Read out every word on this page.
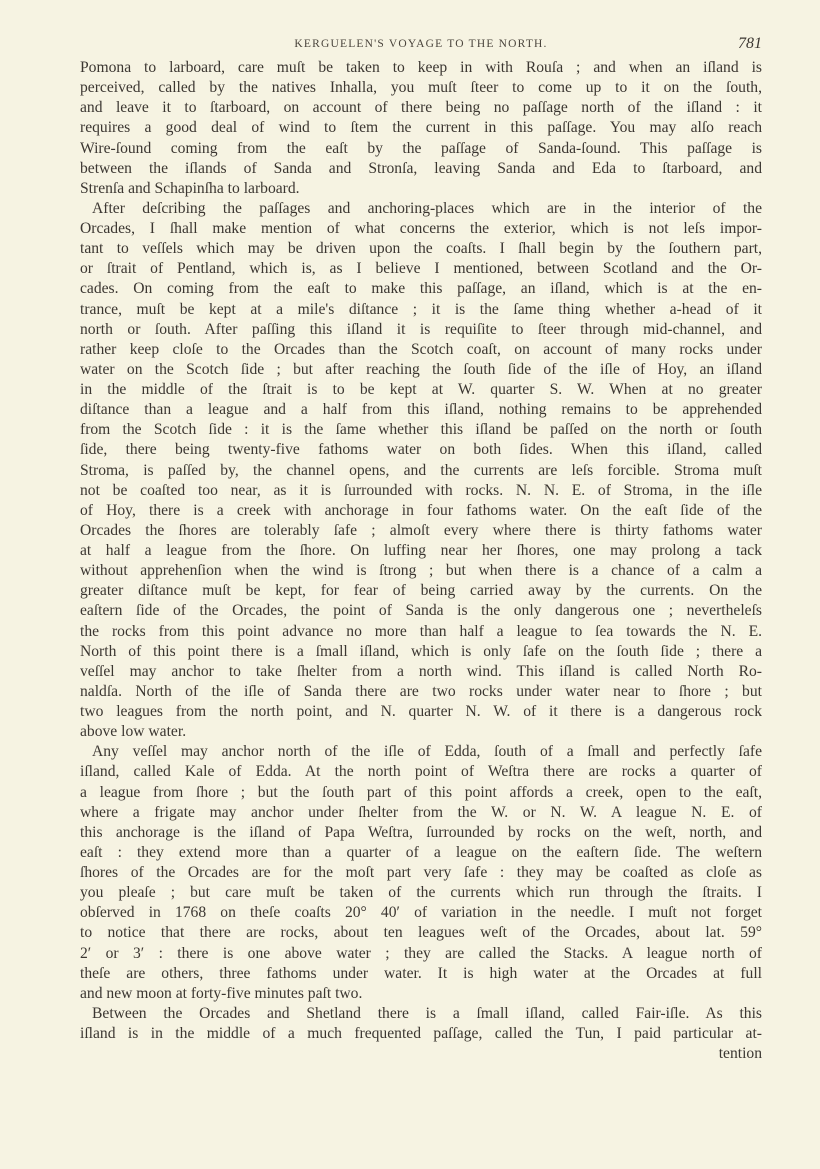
KERGUELEN'S VOYAGE TO THE NORTH.	781
Pomona to larboard, care muſt be taken to keep in with Rouſa ; and when an iſland is
perceived, called by the natives Inhalla, you muſt ſteer to come up to it on the ſouth,
and leave it to ſtarboard, on account of there being no paſſage north of the iſland : it
requires a good deal of wind to ſtem the current in this paſſage. You may alſo reach
Wire-ſound coming from the eaſt by the paſſage of Sanda-ſound. This paſſage is
between the iſlands of Sanda and Stronſa, leaving Sanda and Eda to ſtarboard, and
Strenſa and Schapinſha to larboard.
After deſcribing the paſſages and anchoring-places which are in the interior of the
Orcades, I ſhall make mention of what concerns the exterior, which is not leſs impor-
tant to veſſels which may be driven upon the coaſts. I ſhall begin by the ſouthern part,
or ſtrait of Pentland, which is, as I believe I mentioned, between Scotland and the Or-
cades. On coming from the eaſt to make this paſſage, an iſland, which is at the en-
trance, muſt be kept at a mile's diſtance ; it is the ſame thing whether a-head of it
north or ſouth. After paſſing this iſland it is requiſite to ſteer through mid-channel, and
rather keep cloſe to the Orcades than the Scotch coaſt, on account of many rocks under
water on the Scotch ſide ; but after reaching the ſouth ſide of the iſle of Hoy, an iſland
in the middle of the ſtrait is to be kept at W. quarter S. W. When at no greater
diſtance than a league and a half from this iſland, nothing remains to be apprehended
from the Scotch ſide : it is the ſame whether this iſland be paſſed on the north or ſouth
ſide, there being twenty-five fathoms water on both ſides. When this iſland, called
Stroma, is paſſed by, the channel opens, and the currents are leſs forcible. Stroma muſt
not be coaſted too near, as it is ſurrounded with rocks. N. N. E. of Stroma, in the iſle
of Hoy, there is a creek with anchorage in four fathoms water. On the eaſt ſide of the
Orcades the ſhores are tolerably ſafe ; almoſt every where there is thirty fathoms water
at half a league from the ſhore. On luffing near her ſhores, one may prolong a tack
without apprehenſion when the wind is ſtrong ; but when there is a chance of a calm a
greater diſtance muſt be kept, for fear of being carried away by the currents. On the
eaſtern ſide of the Orcades, the point of Sanda is the only dangerous one ; nevertheleſs
the rocks from this point advance no more than half a league to ſea towards the N. E.
North of this point there is a ſmall iſland, which is only ſafe on the ſouth ſide ; there a
veſſel may anchor to take ſhelter from a north wind. This iſland is called North Ro-
naldſa. North of the iſle of Sanda there are two rocks under water near to ſhore ; but
two leagues from the north point, and N. quarter N. W. of it there is a dangerous rock
above low water.
Any veſſel may anchor north of the iſle of Edda, ſouth of a ſmall and perfectly ſafe
iſland, called Kale of Edda. At the north point of Weſtra there are rocks a quarter of
a league from ſhore ; but the ſouth part of this point affords a creek, open to the eaſt,
where a frigate may anchor under ſhelter from the W. or N. W. A league N. E. of
this anchorage is the iſland of Papa Weſtra, ſurrounded by rocks on the weſt, north, and
eaſt : they extend more than a quarter of a league on the eaſtern ſide. The weſtern
ſhores of the Orcades are for the moſt part very ſafe : they may be coaſted as cloſe as
you pleaſe ; but care muſt be taken of the currents which run through the ſtraits. I
obſerved in 1768 on theſe coaſts 20° 40′ of variation in the needle. I muſt not forget
to notice that there are rocks, about ten leagues weſt of the Orcades, about lat. 59°
2′ or 3′ : there is one above water ; they are called the Stacks. A league north of
theſe are others, three fathoms under water. It is high water at the Orcades at full
and new moon at forty-five minutes paſt two.
Between the Orcades and Shetland there is a ſmall iſland, called Fair-iſle. As this
iſland is in the middle of a much frequented paſſage, called the Tun, I paid particular at-
tention
